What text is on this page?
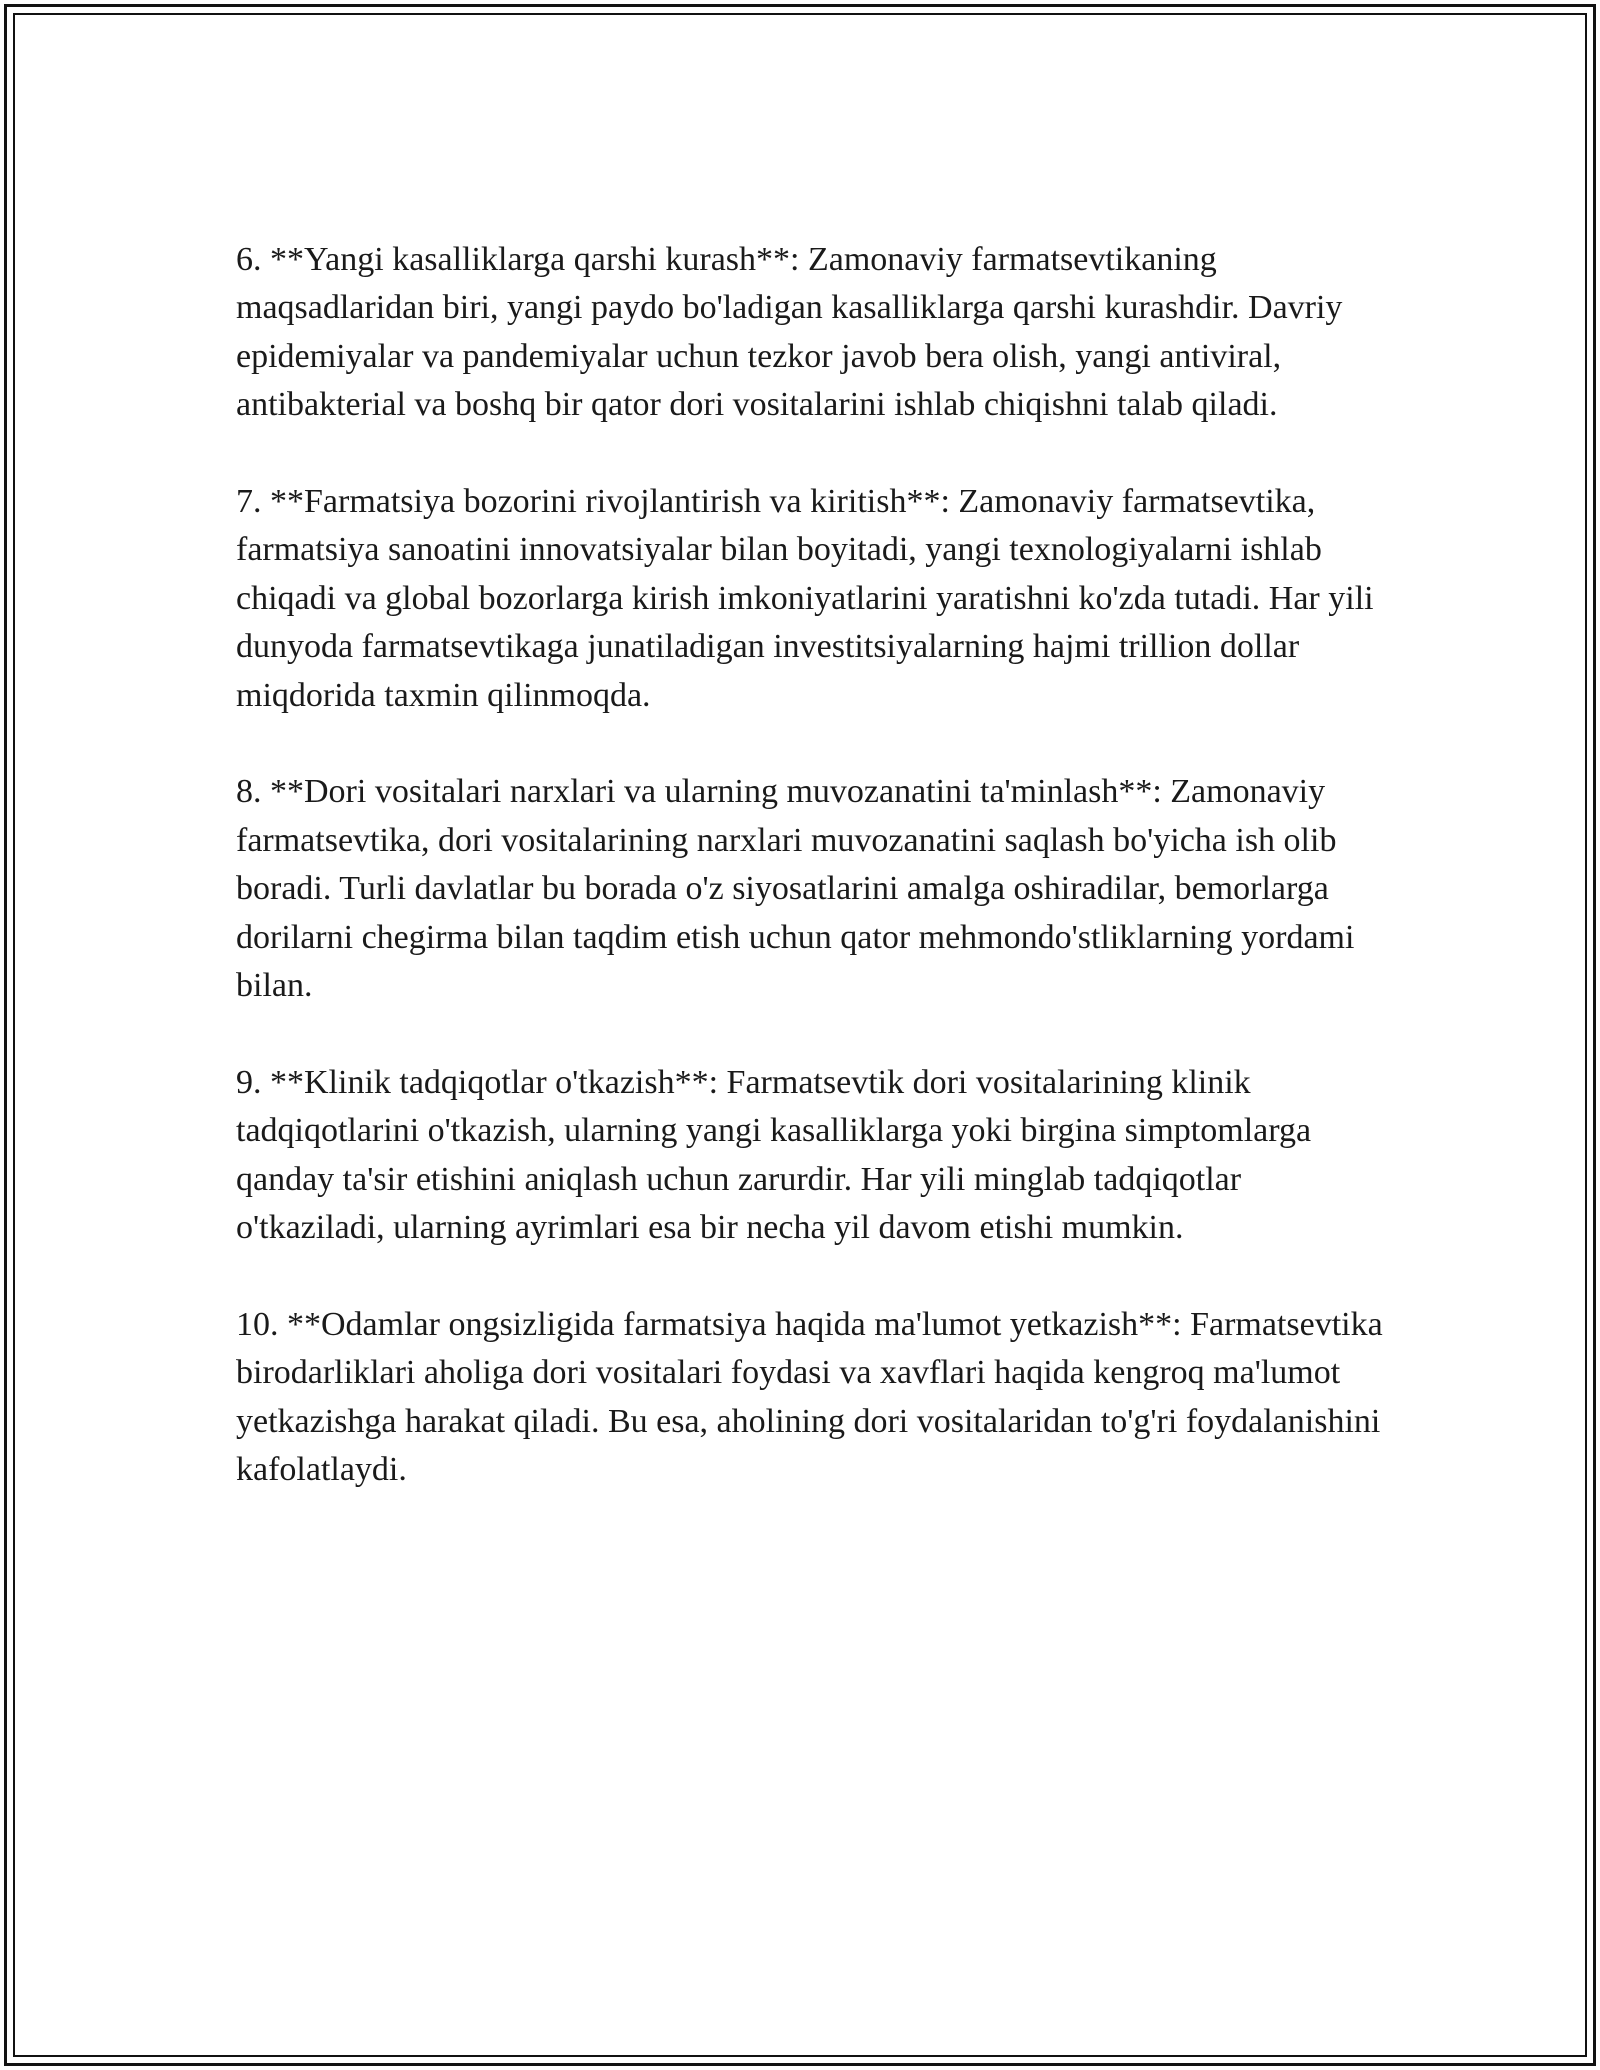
6. **Yangi kasalliklarga qarshi kurash**: Zamonaviy farmatsevtikaning maqsadlaridan biri, yangi paydo bo'ladigan kasalliklarga qarshi kurashdir. Davriy epidemiyalar va pandemiyalar uchun tezkor javob bera olish, yangi antiviral, antibakterial va boshq bir qator dori vositalarini ishlab chiqishni talab qiladi.

7. **Farmatsiya bozorini rivojlantirish va kiritish**: Zamonaviy farmatsevtika, farmatsiya sanoatini innovatsiyalar bilan boyitadi, yangi texnologiyalarni ishlab chiqadi va global bozorlarga kirish imkoniyatlarini yaratishni ko'zda tutadi. Har yili dunyoda farmatsevtikaga junatiladigan investitsiyalarning hajmi trillion dollar miqdorida taxmin qilinmoqda.

8. **Dori vositalari narxlari va ularning muvozanatini ta'minlash**: Zamonaviy farmatsevtika, dori vositalarining narxlari muvozanatini saqlash bo'yicha ish olib boradi. Turli davlatlar bu borada o'z siyosatlarini amalga oshiradilar, bemorlarga dorilarni chegirma bilan taqdim etish uchun qator mehmondo'stliklarning yordami bilan.

9. **Klinik tadqiqotlar o'tkazish**: Farmatsevtik dori vositalarining klinik tadqiqotlarini o'tkazish, ularning yangi kasalliklarga yoki birgina simptomlarga qanday ta'sir etishini aniqlash uchun zarurdir. Har yili minglab tadqiqotlar o'tkaziladi, ularning ayrimlari esa bir necha yil davom etishi mumkin.

10. **Odamlar ongsizligida farmatsiya haqida ma'lumot yetkazish**: Farmatsevtika birodarliklari aholiga dori vositalari foydasi va xavflari haqida kengroq ma'lumot yetkazishga harakat qiladi. Bu esa, aholining dori vositalaridan to'g'ri foydalanishini kafolatlaydi.
